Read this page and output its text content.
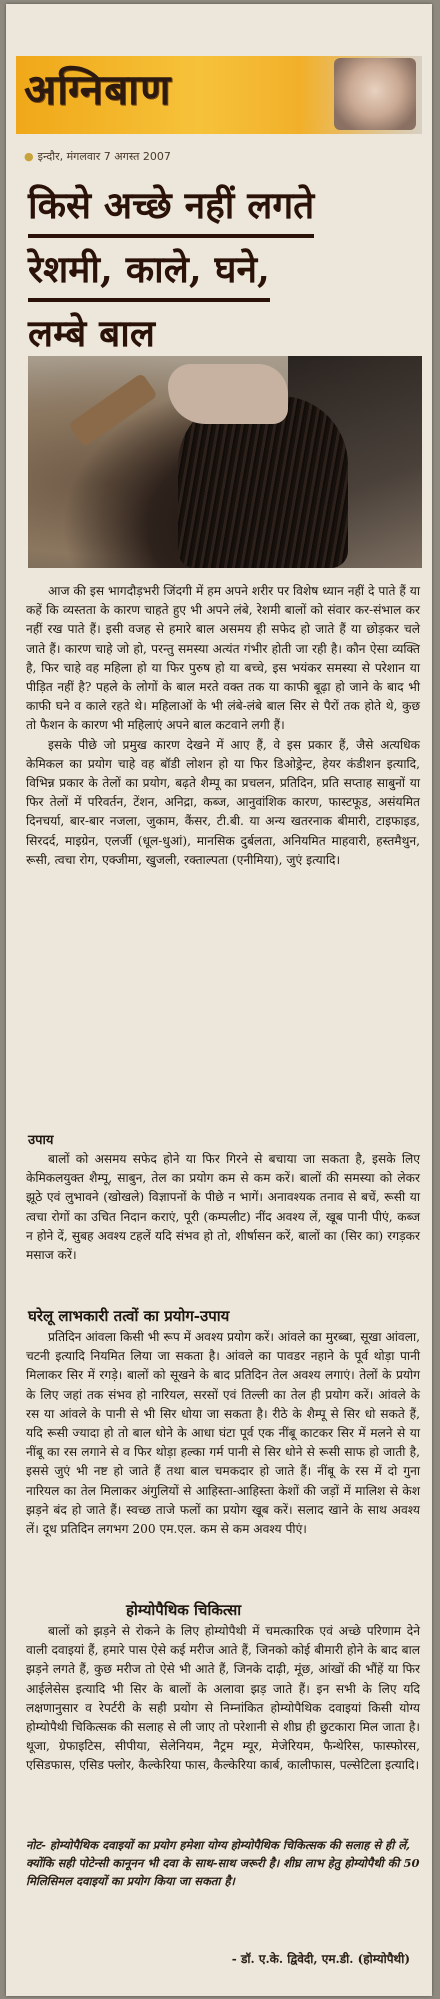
अग्निबाण
● इन्दौर, मंगलवार 7 अगस्त 2007
किसे अच्छे नहीं लगते
रेशमी, काले, घने,
लम्बे बाल

आज की इस भागदौड़भरी जिंदगी में हम अपने शरीर पर विशेष ध्यान नहीं दे पाते हैं या कहें कि व्यस्तता के कारण चाहते हुए भी अपने लंबे, रेशमी बालों को संवार कर-संभाल कर नहीं रख पाते हैं। इसी वजह से हमारे बाल असमय ही सफेद हो जाते हैं या छोड़कर चले जाते हैं। कारण चाहे जो हो, परन्तु समस्या अत्यंत गंभीर होती जा रही है। कौन ऐसा व्यक्ति है, फिर चाहे वह महिला हो या फिर पुरुष हो या बच्चे, इस भयंकर समस्या से परेशान या पीड़ित नहीं है? पहले के लोगों के बाल मरते वक्त तक या काफी बूढ़ा हो जाने के बाद भी काफी घने व काले रहते थे। महिलाओं के भी लंबे-लंबे बाल सिर से पैरों तक होते थे, कुछ तो फैशन के कारण भी महिलाएं अपने बाल कटवाने लगी हैं।

इसके पीछे जो प्रमुख कारण देखने में आए हैं, वे इस प्रकार हैं, जैसे अत्यधिक केमिकल का प्रयोग चाहे वह बॉडी लोशन हो या फिर डिओड्रेन्ट, हेयर कंडीशन इत्यादि, विभिन्न प्रकार के तेलों का प्रयोग, बढ़ते शैम्पू का प्रचलन, प्रतिदिन, प्रति सप्ताह साबुनों या फिर तेलों में परिवर्तन, टेंशन, अनिद्रा, कब्ज, आनुवांशिक कारण, फास्टफूड, असंयमित दिनचर्या, बार-बार नजला, जुकाम, कैंसर, टी.बी. या अन्य खतरनाक बीमारी, टाइफाइड, सिरदर्द, माइग्रेन, एलर्जी (धूल-धुआं), मानसिक दुर्बलता, अनियमित माहवारी, हस्तमैथुन, रूसी, त्वचा रोग, एक्जीमा, खुजली, रक्ताल्पता (एनीमिया), जुएं इत्यादि।

उपाय

बालों को असमय सफेद होने या फिर गिरने से बचाया जा सकता है, इसके लिए केमिकलयुक्त शैम्पू, साबुन, तेल का प्रयोग कम से कम करें। बालों की समस्या को लेकर झूठे एवं लुभावने (खोखले) विज्ञापनों के पीछे न भागें। अनावश्यक तनाव से बचें, रूसी या त्वचा रोगों का उचित निदान कराएं, पूरी (कम्पलीट) नींद अवश्य लें, खूब पानी पीएं, कब्ज न होने दें, सुबह अवश्य टहलें यदि संभव हो तो, शीर्षासन करें, बालों का (सिर का) रगड़कर मसाज करें।

घरेलू लाभकारी तत्वों का प्रयोग-उपाय

प्रतिदिन आंवला किसी भी रूप में अवश्य प्रयोग करें। आंवले का मुरब्बा, सूखा आंवला, चटनी इत्यादि नियमित लिया जा सकता है। आंवले का पावडर नहाने के पूर्व थोड़ा पानी मिलाकर सिर में रगड़े। बालों को सूखने के बाद प्रतिदिन तेल अवश्य लगाएं। तेलों के प्रयोग के लिए जहां तक संभव हो नारियल, सरसों एवं तिल्ली का तेल ही प्रयोग करें। आंवले के रस या आंवले के पानी से भी सिर धोया जा सकता है। रीठे के शैम्पू से सिर धो सकते हैं, यदि रूसी ज्यादा हो तो बाल धोने के आधा घंटा पूर्व एक नींबू काटकर सिर में मलने से या नींबू का रस लगाने से व फिर थोड़ा हल्का गर्म पानी से सिर धोने से रूसी साफ हो जाती है, इससे जुएं भी नष्ट हो जाते हैं तथा बाल चमकदार हो जाते हैं। नींबू के रस में दो गुना नारियल का तेल मिलाकर अंगुलियों से आहिस्ता-आहिस्ता केशों की जड़ों में मालिश से केश झड़ने बंद हो जाते हैं। स्वच्छ ताजे फलों का प्रयोग खूब करें। सलाद खाने के साथ अवश्य लें। दूध प्रतिदिन लगभग 200 एम.एल. कम से कम अवश्य पीएं।

होम्योपैथिक चिकित्सा

बालों को झड़ने से रोकने के लिए होम्योपैथी में चमत्कारिक एवं अच्छे परिणाम देने वाली दवाइयां हैं, हमारे पास ऐसे कई मरीज आते हैं, जिनको कोई बीमारी होने के बाद बाल झड़ने लगते हैं, कुछ मरीज तो ऐसे भी आते हैं, जिनके दाढ़ी, मूंछ, आंखों की भौंहें या फिर आईलेसेस इत्यादि भी सिर के बालों के अलावा झड़ जाते हैं। इन सभी के लिए यदि लक्षणानुसार व रेपर्टरी के सही प्रयोग से निम्नांकित होम्योपैथिक दवाइयां किसी योग्य होम्योपैथी चिकित्सक की सलाह से ली जाए तो परेशानी से शीघ्र ही छुटकारा मिल जाता है। थूजा, ग्रेफाइटिस, सीपीया, सेलेनियम, नैट्रम म्यूर, मेजेरियम, फैन्थेरिस, फास्फोरस, एसिडफास, एसिड फ्लोर, कैल्केरिया फास, कैल्केरिया कार्ब, कालीफास, पल्सेटिला इत्यादि।

नोट- होम्योपैथिक दवाइयों का प्रयोग हमेशा योग्य होम्योपैथिक चिकित्सक की सलाह से ही लें, क्योंकि सही पोटेन्सी कानूनन भी दवा के साथ-साथ जरूरी है। शीघ्र लाभ हेतु होम्योपैथी की 50 मिलिसिमल दवाइयों का प्रयोग किया जा सकता है।
- डॉ. ए.के. द्विवेदी, एम.डी. (होम्योपैथी)
